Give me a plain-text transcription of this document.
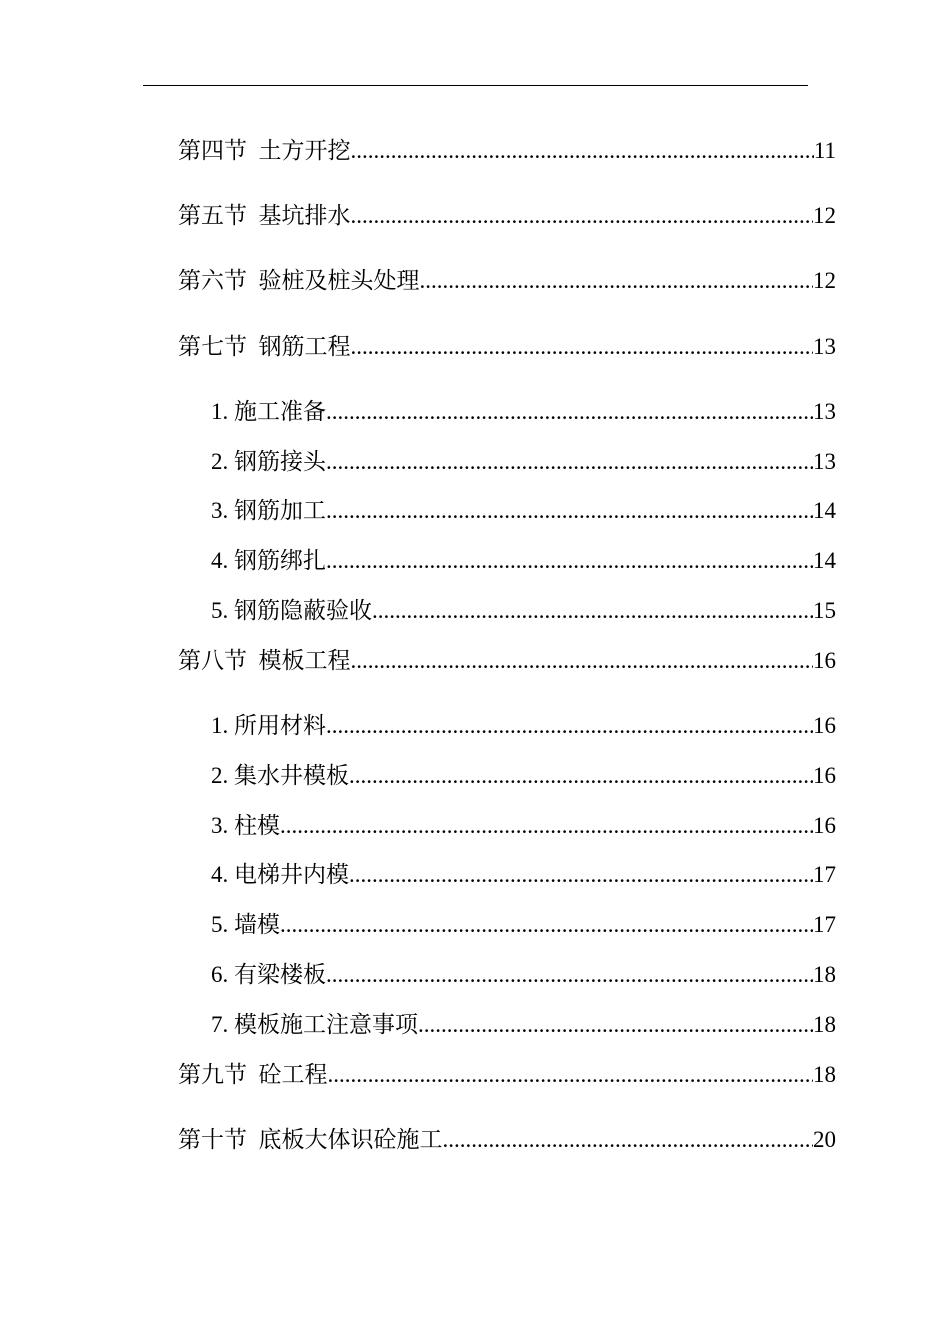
第四节  土方开挖 .....	11
第五节  基坑排水 .....	12
第六节  验桩及桩头处理 .....	12
第七节  钢筋工程 .....	13
1. 施工准备 .....	13
2. 钢筋接头 .....	13
3. 钢筋加工 .....	14
4. 钢筋绑扎 .....	14
5. 钢筋隐蔽验收 .....	15
第八节  模板工程 .....	16
1. 所用材料 .....	16
2. 集水井模板 .....	16
3. 柱模 .....	16
4. 电梯井内模 .....	17
5. 墙模 .....	17
6. 有梁楼板 .....	18
7. 模板施工注意事项 .....	18
第九节  砼工程 .....	18
第十节  底板大体识砼施工 .....	20
